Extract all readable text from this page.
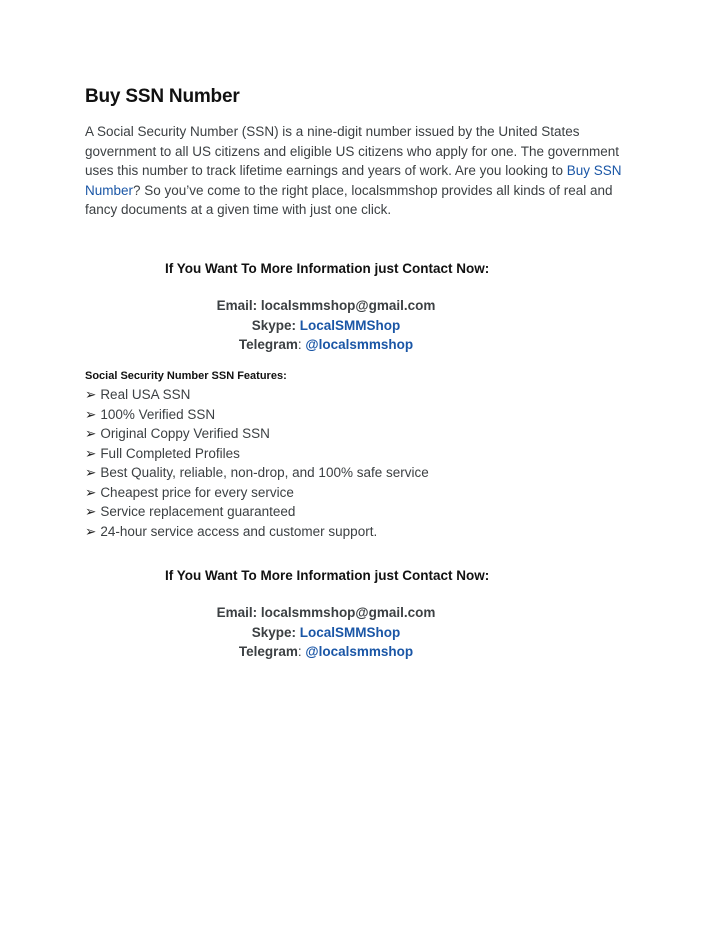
Buy SSN Number

A Social Security Number (SSN) is a nine-digit number issued by the United States government to all US citizens and eligible US citizens who apply for one. The government uses this number to track lifetime earnings and years of work. Are you looking to Buy SSN Number? So you’ve come to the right place, localsmmshop provides all kinds of real and fancy documents at a given time with just one click.

If You Want To More Information just Contact Now:

Email: localsmmshop@gmail.com
Skype: LocalSMMShop
Telegram: @localsmmshop

Social Security Number SSN Features:

➢ Real USA SSN
➢ 100% Verified SSN
➢ Original Coppy Verified SSN
➢ Full Completed Profiles
➢ Best Quality, reliable, non-drop, and 100% safe service
➢ Cheapest price for every service
➢ Service replacement guaranteed
➢ 24-hour service access and customer support.

If You Want To More Information just Contact Now:

Email: localsmmshop@gmail.com
Skype: LocalSMMShop
Telegram: @localsmmshop
